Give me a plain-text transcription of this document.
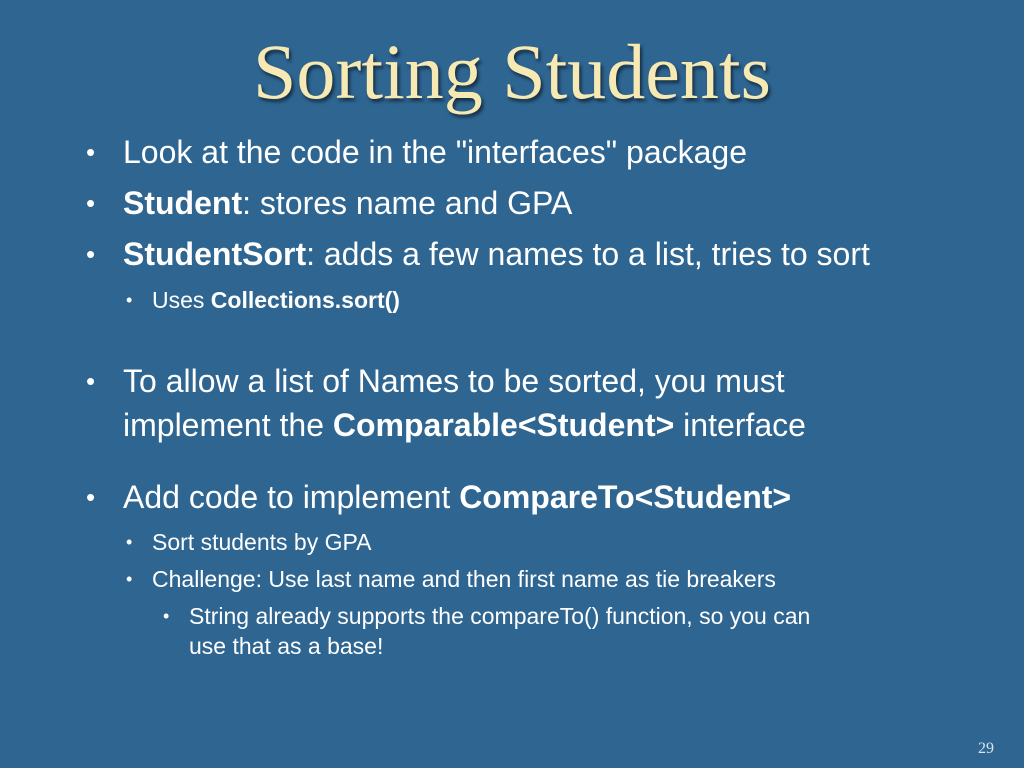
Sorting Students
• Look at the code in the "interfaces" package
• Student: stores name and GPA
• StudentSort: adds a few names to a list, tries to sort
• Uses Collections.sort()
• To allow a list of Names to be sorted, you must
implement the Comparable<Student> interface
• Add code to implement CompareTo<Student>
• Sort students by GPA
• Challenge: Use last name and then first name as tie breakers
• String already supports the compareTo() function, so you can
use that as a base!
29
